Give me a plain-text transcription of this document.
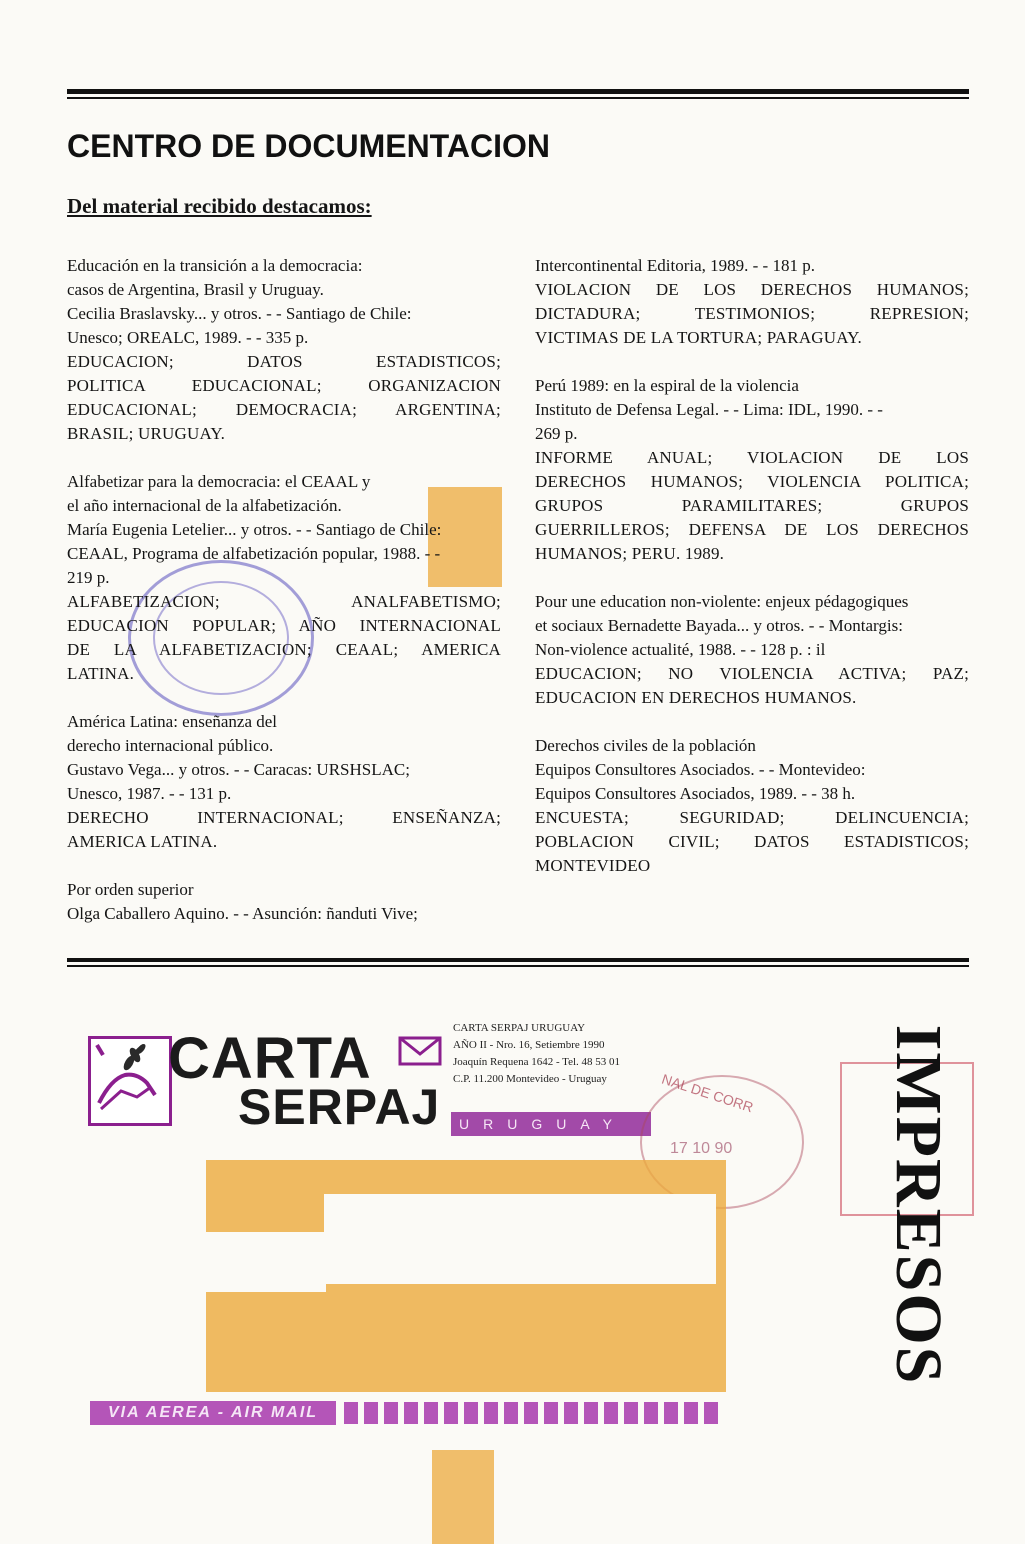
CENTRO DE DOCUMENTACION
Del material recibido destacamos:
Educación en la transición a la democracia:
casos de Argentina, Brasil y Uruguay.
Cecilia Braslavsky... y otros. - - Santiago de Chile:
Unesco; OREALC, 1989. - - 335 p.
EDUCACION; DATOS ESTADISTICOS;
POLITICA EDUCACIONAL; ORGANIZACION
EDUCACIONAL; DEMOCRACIA; ARGENTINA;
BRASIL; URUGUAY.
Alfabetizar para la democracia: el CEAAL y
el año internacional de la alfabetización.
María Eugenia Letelier... y otros. - - Santiago de Chile:
CEAAL, Programa de alfabetización popular, 1988. - -
219 p.
ALFABETIZACION; ANALFABETISMO;
EDUCACION POPULAR; AÑO INTERNACIONAL
DE LA ALFABETIZACION; CEAAL; AMERICA
LATINA.
América Latina: enseñanza del
derecho internacional público.
Gustavo Vega... y otros. - - Caracas: URSHSLAC;
Unesco, 1987. - - 131 p.
DERECHO INTERNACIONAL; ENSEÑANZA;
AMERICA LATINA.
Por orden superior
Olga Caballero Aquino. - - Asunción: ñanduti Vive;
Intercontinental Editoria, 1989. - - 181 p.
VIOLACION DE LOS DERECHOS HUMANOS;
DICTADURA; TESTIMONIOS; REPRESION;
VICTIMAS DE LA TORTURA; PARAGUAY.
Perú 1989: en la espiral de la violencia
Instituto de Defensa Legal. - - Lima: IDL, 1990. - -
269 p.
INFORME ANUAL; VIOLACION DE LOS
DERECHOS HUMANOS; VIOLENCIA POLITICA;
GRUPOS PARAMILITARES; GRUPOS
GUERRILLEROS; DEFENSA DE LOS DERECHOS
HUMANOS; PERU. 1989.
Pour une education non-violente: enjeux pédagogiques
et sociaux Bernadette Bayada... y otros. - - Montargis:
Non-violence actualité, 1988. - - 128 p. : il
EDUCACION; NO VIOLENCIA ACTIVA; PAZ;
EDUCACION EN DERECHOS HUMANOS.
Derechos civiles de la población
Equipos Consultores Asociados. - - Montevideo:
Equipos Consultores Asociados, 1989. - - 38 h.
ENCUESTA; SEGURIDAD; DELINCUENCIA;
POBLACION CIVIL; DATOS ESTADISTICOS;
MONTEVIDEO
CARTA
SERPAJ
CARTA SERPAJ URUGUAY
AÑO II - Nro. 16, Setiembre 1990
Joaquín Requena 1642 - Tel. 48 53 01
C.P. 11.200 Montevideo - Uruguay
URUGUAY
NAL DE CORR
17 10 90 IMPRESOS
VIA AEREA - AIR MAIL
